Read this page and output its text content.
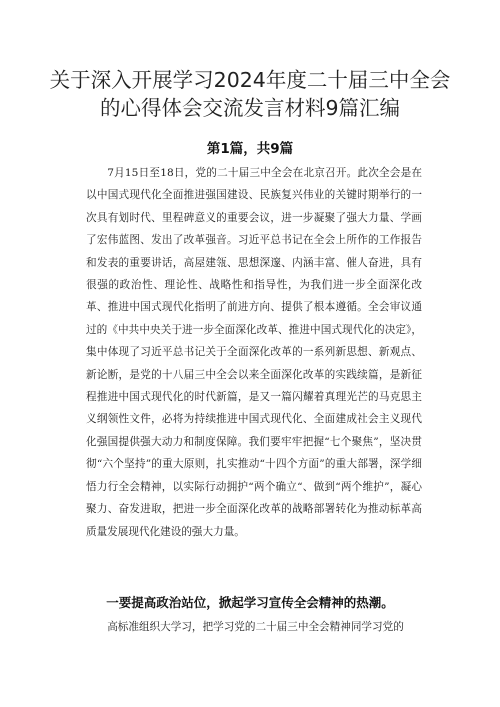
关于深入开展学习2024年度二十届三中全会的心得体会交流发言材料9篇汇编
第1篇，共9篇

7月15日至18日，党的二十届三中全会在北京召开。此次全会是在以中国式现代化全面推进强国建设、民族复兴伟业的关键时期举行的一次具有划时代、里程碑意义的重要会议，进一步凝聚了强大力量、学画了宏伟蓝图、发出了改革强音。习近平总书记在全会上所作的工作报告和发表的重要讲话，高屋建瓴、思想深邃、内涵丰富、催人奋进，具有很强的政治性、理论性、战略性和指导性，为我们进一步全面深化改革、推进中国式现代化指明了前进方向、提供了根本遵循。全会审议通过的《中共中央关于进一步全面深化改革、推进中国式现代化的决定》，集中体现了习近平总书记关于全面深化改革的一系列新思想、新观点、新论断，是党的十八届三中全会以来全面深化改革的实践续篇，是新征程推进中国式现代化的时代新篇，是又一篇闪耀着真理光芒的马克思主义纲领性文件，必将为持续推进中国式现代化、全面建成社会主义现代化强国提供强大动力和制度保障。我们要牢牢把握“七个聚焦”，坚决贯彻“六个坚持”的重大原则，扎实推动“十四个方面”的重大部署，深学细悟力行全会精神，以实际行动拥护“两个确立“、做到“两个维护”，凝心聚力、奋发进取，把进一步全面深化改革的战略部署转化为推动标革高质量发展现代化建设的强大力量。

一要提高政治站位，掀起学习宣传全会精神的热潮。

高标准组织大学习，把学习党的二十届三中全会精神同学习党的
